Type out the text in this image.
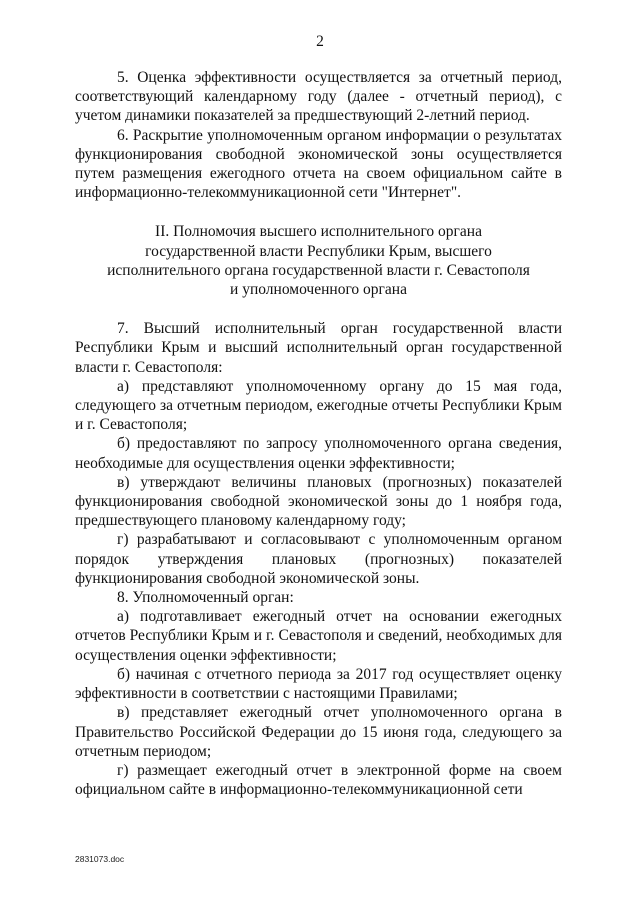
2

5. Оценка эффективности осуществляется за отчетный период, соответствующий календарному году (далее - отчетный период), с учетом динамики показателей за предшествующий 2-летний период.

6. Раскрытие уполномоченным органом информации о результатах функционирования свободной экономической зоны осуществляется путем размещения ежегодного отчета на своем официальном сайте в информационно-телекоммуникационной сети "Интернет".

II. Полномочия высшего исполнительного органа
государственной власти Республики Крым, высшего
исполнительного органа государственной власти г. Севастополя
и уполномоченного органа

7. Высший исполнительный орган государственной власти Республики Крым и высший исполнительный орган государственной власти г. Севастополя:

а) представляют уполномоченному органу до 15 мая года, следующего за отчетным периодом, ежегодные отчеты Республики Крым и г. Севастополя;

б) предоставляют по запросу уполномоченного органа сведения, необходимые для осуществления оценки эффективности;

в) утверждают величины плановых (прогнозных) показателей функционирования свободной экономической зоны до 1 ноября года, предшествующего плановому календарному году;

г) разрабатывают и согласовывают с уполномоченным органом порядок утверждения плановых (прогнозных) показателей функционирования свободной экономической зоны.

8. Уполномоченный орган:

а) подготавливает ежегодный отчет на основании ежегодных отчетов Республики Крым и г. Севастополя и сведений, необходимых для осуществления оценки эффективности;

б) начиная с отчетного периода за 2017 год осуществляет оценку эффективности в соответствии с настоящими Правилами;

в) представляет ежегодный отчет уполномоченного органа в Правительство Российской Федерации до 15 июня года, следующего за отчетным периодом;

г) размещает ежегодный отчет в электронной форме на своем официальном сайте в информационно-телекоммуникационной сети

2831073.doc
